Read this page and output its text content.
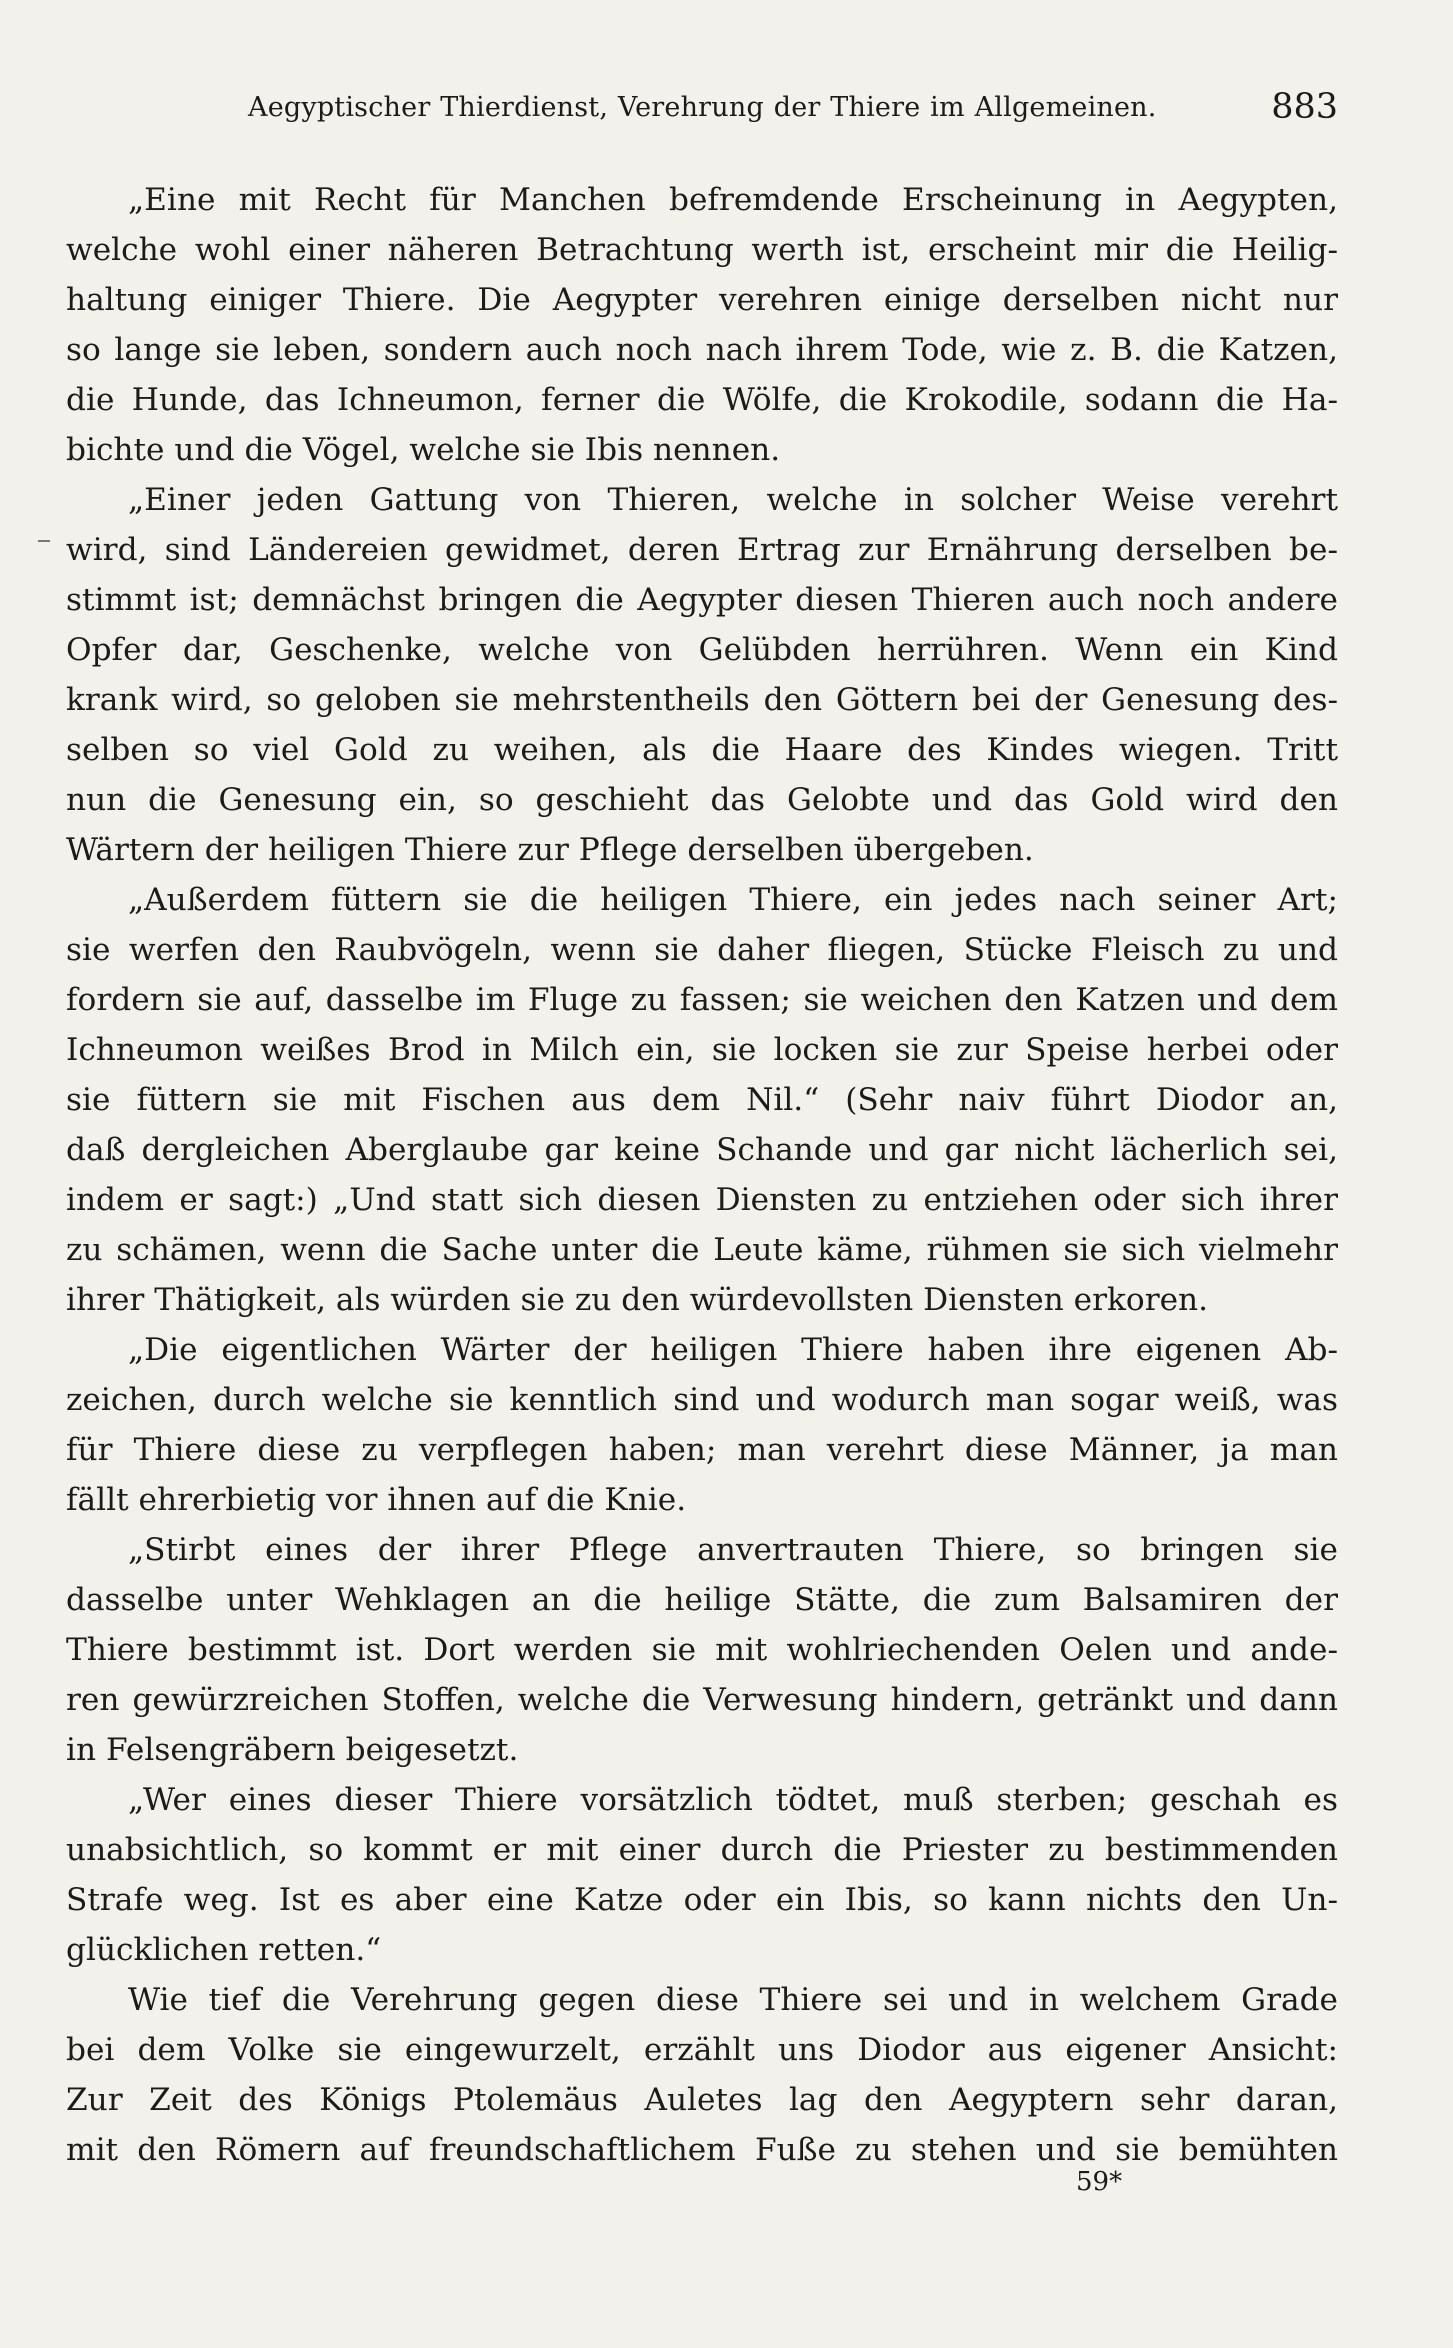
Aegyptischer Thierdienst, Verehrung der Thiere im Allgemeinen.	883
„Eine mit Recht für Manchen befremdende Erscheinung in Aegypten,
welche wohl einer näheren Betrachtung werth ist, erscheint mir die Heilig-
haltung einiger Thiere. Die Aegypter verehren einige derselben nicht nur
so lange sie leben, sondern auch noch nach ihrem Tode, wie z. B. die Katzen,
die Hunde, das Ichneumon, ferner die Wölfe, die Krokodile, sodann die Ha-
bichte und die Vögel, welche sie Ibis nennen.
„Einer jeden Gattung von Thieren, welche in solcher Weise verehrt
wird, sind Ländereien gewidmet, deren Ertrag zur Ernährung derselben be-
stimmt ist; demnächst bringen die Aegypter diesen Thieren auch noch andere
Opfer dar, Geschenke, welche von Gelübden herrühren. Wenn ein Kind
krank wird, so geloben sie mehrstentheils den Göttern bei der Genesung des-
selben so viel Gold zu weihen, als die Haare des Kindes wiegen. Tritt
nun die Genesung ein, so geschieht das Gelobte und das Gold wird den
Wärtern der heiligen Thiere zur Pflege derselben übergeben.
„Außerdem füttern sie die heiligen Thiere, ein jedes nach seiner Art;
sie werfen den Raubvögeln, wenn sie daher fliegen, Stücke Fleisch zu und
fordern sie auf, dasselbe im Fluge zu fassen; sie weichen den Katzen und dem
Ichneumon weißes Brod in Milch ein, sie locken sie zur Speise herbei oder
sie füttern sie mit Fischen aus dem Nil.“ (Sehr naiv führt Diodor an,
daß dergleichen Aberglaube gar keine Schande und gar nicht lächerlich sei,
indem er sagt:) „Und statt sich diesen Diensten zu entziehen oder sich ihrer
zu schämen, wenn die Sache unter die Leute käme, rühmen sie sich vielmehr
ihrer Thätigkeit, als würden sie zu den würdevollsten Diensten erkoren.
„Die eigentlichen Wärter der heiligen Thiere haben ihre eigenen Ab-
zeichen, durch welche sie kenntlich sind und wodurch man sogar weiß, was
für Thiere diese zu verpflegen haben; man verehrt diese Männer, ja man
fällt ehrerbietig vor ihnen auf die Knie.
„Stirbt eines der ihrer Pflege anvertrauten Thiere, so bringen sie
dasselbe unter Wehklagen an die heilige Stätte, die zum Balsamiren der
Thiere bestimmt ist. Dort werden sie mit wohlriechenden Oelen und ande-
ren gewürzreichen Stoffen, welche die Verwesung hindern, getränkt und dann
in Felsengräbern beigesetzt.
„Wer eines dieser Thiere vorsätzlich tödtet, muß sterben; geschah es
unabsichtlich, so kommt er mit einer durch die Priester zu bestimmenden
Strafe weg. Ist es aber eine Katze oder ein Ibis, so kann nichts den Un-
glücklichen retten.“
Wie tief die Verehrung gegen diese Thiere sei und in welchem Grade
bei dem Volke sie eingewurzelt, erzählt uns Diodor aus eigener Ansicht:
Zur Zeit des Königs Ptolemäus Auletes lag den Aegyptern sehr daran,
mit den Römern auf freundschaftlichem Fuße zu stehen und sie bemühten
59*
